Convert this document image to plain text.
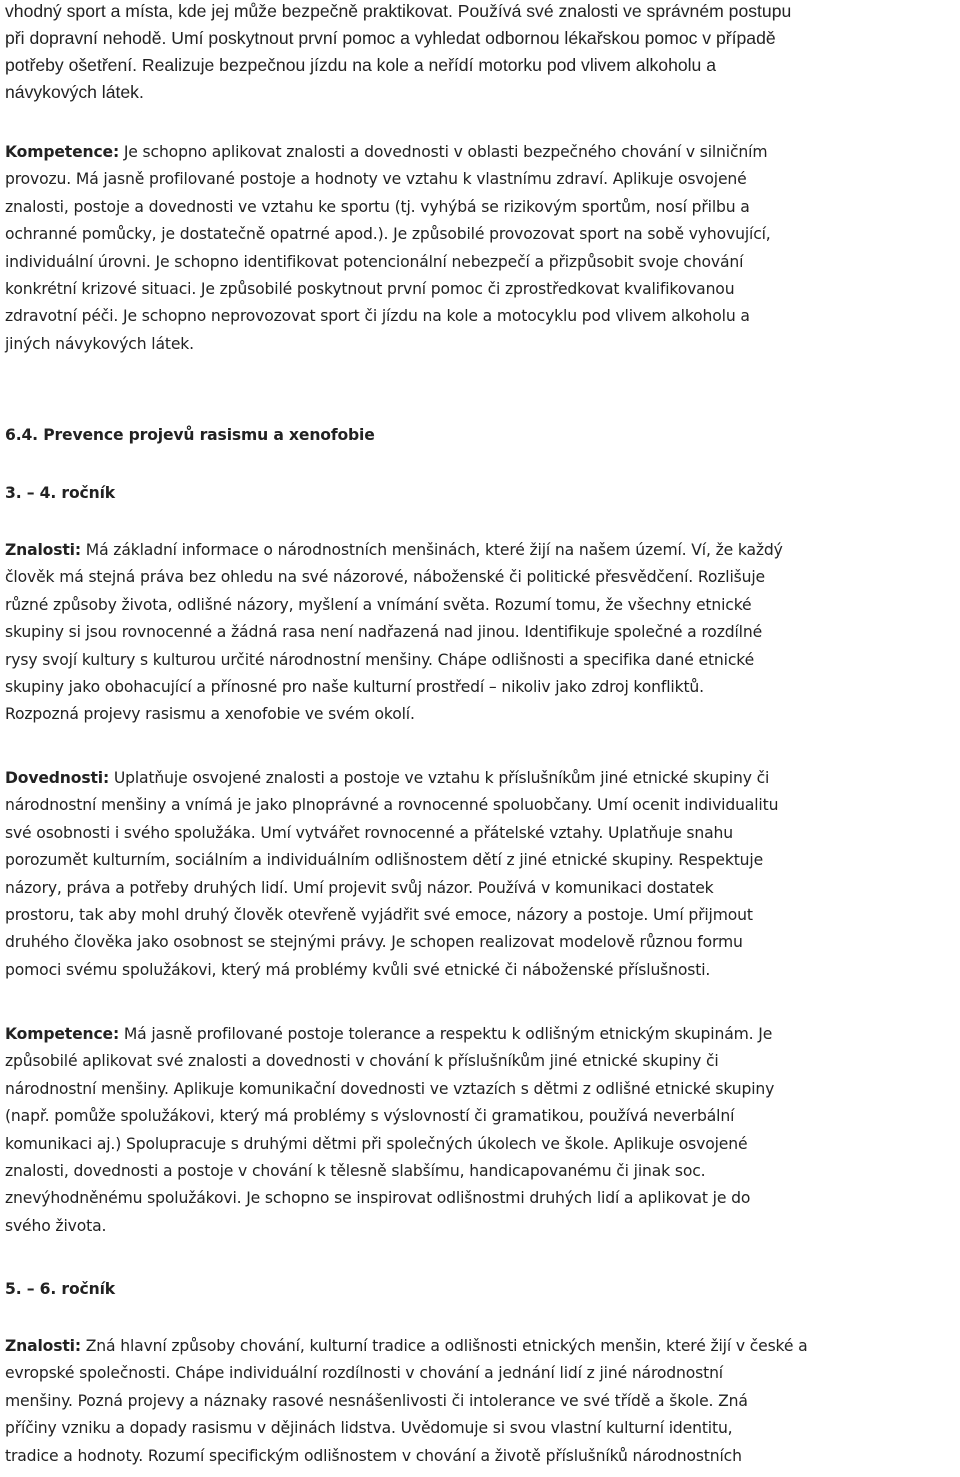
vhodný sport a místa, kde jej může bezpečně praktikovat. Používá své znalosti ve správném postupu
při dopravní nehodě. Umí poskytnout první pomoc a vyhledat odbornou lékařskou pomoc v případě
potřeby ošetření. Realizuje bezpečnou jízdu na kole a neřídí motorku pod vlivem alkoholu a
návykových látek.

Kompetence: Je schopno aplikovat znalosti a dovednosti v oblasti bezpečného chování v silničním
provozu. Má jasně profilované postoje a hodnoty ve vztahu k vlastnímu zdraví. Aplikuje osvojené
znalosti, postoje a dovednosti ve vztahu ke sportu (tj. vyhýbá se rizikovým sportům, nosí přilbu a
ochranné pomůcky, je dostatečně opatrné apod.). Je způsobilé provozovat sport na sobě vyhovující,
individuální úrovni. Je schopno identifikovat potencionální nebezpečí a přizpůsobit svoje chování
konkrétní krizové situaci. Je způsobilé poskytnout první pomoc či zprostředkovat kvalifikovanou
zdravotní péči. Je schopno neprovozovat sport či jízdu na kole a motocyklu pod vlivem alkoholu a
jiných návykových látek.

6.4. Prevence projevů rasismu a xenofobie
3. – 4. ročník

Znalosti: Má základní informace o národnostních menšinách, které žijí na našem území. Ví, že každý
člověk má stejná práva bez ohledu na své názorové, náboženské či politické přesvědčení. Rozlišuje
různé způsoby života, odlišné názory, myšlení a vnímání světa. Rozumí tomu, že všechny etnické
skupiny si jsou rovnocenné a žádná rasa není nadřazená nad jinou. Identifikuje společné a rozdílné
rysy svojí kultury s kulturou určité národnostní menšiny. Chápe odlišnosti a specifika dané etnické
skupiny jako obohacující a přínosné pro naše kulturní prostředí – nikoliv jako zdroj konfliktů.
Rozpozná projevy rasismu a xenofobie ve svém okolí.

Dovednosti: Uplatňuje osvojené znalosti a postoje ve vztahu k příslušníkům jiné etnické skupiny či
národnostní menšiny a vnímá je jako plnoprávné a rovnocenné spoluobčany. Umí ocenit individualitu
své osobnosti i svého spolužáka. Umí vytvářet rovnocenné a přátelské vztahy. Uplatňuje snahu
porozumět kulturním, sociálním a individuálním odlišnostem dětí z jiné etnické skupiny. Respektuje
názory, práva a potřeby druhých lidí. Umí projevit svůj názor. Používá v komunikaci dostatek
prostoru, tak aby mohl druhý člověk otevřeně vyjádřit své emoce, názory a postoje. Umí přijmout
druhého člověka jako osobnost se stejnými právy. Je schopen realizovat modelově různou formu
pomoci svému spolužákovi, který má problémy kvůli své etnické či náboženské příslušnosti.

Kompetence: Má jasně profilované postoje tolerance a respektu k odlišným etnickým skupinám. Je
způsobilé aplikovat své znalosti a dovednosti v chování k příslušníkům jiné etnické skupiny či
národnostní menšiny. Aplikuje komunikační dovednosti ve vztazích s dětmi z odlišné etnické skupiny
(např. pomůže spolužákovi, který má problémy s výslovností či gramatikou, používá neverbální
komunikaci aj.) Spolupracuje s druhými dětmi při společných úkolech ve škole. Aplikuje osvojené
znalosti, dovednosti a postoje v chování k tělesně slabšímu, handicapovanému či jinak soc.
znevýhodněnému spolužákovi. Je schopno se inspirovat odlišnostmi druhých lidí a aplikovat je do
svého života.

5. – 6. ročník

Znalosti: Zná hlavní způsoby chování, kulturní tradice a odlišnosti etnických menšin, které žijí v české a
evropské společnosti. Chápe individuální rozdílnosti v chování a jednání lidí z jiné národnostní
menšiny. Pozná projevy a náznaky rasové nesnášenlivosti či intolerance ve své třídě a škole. Zná
příčiny vzniku a dopady rasismu v dějinách lidstva. Uvědomuje si svou vlastní kulturní identitu,
tradice a hodnoty. Rozumí specifickým odlišnostem v chování a životě příslušníků národnostních
